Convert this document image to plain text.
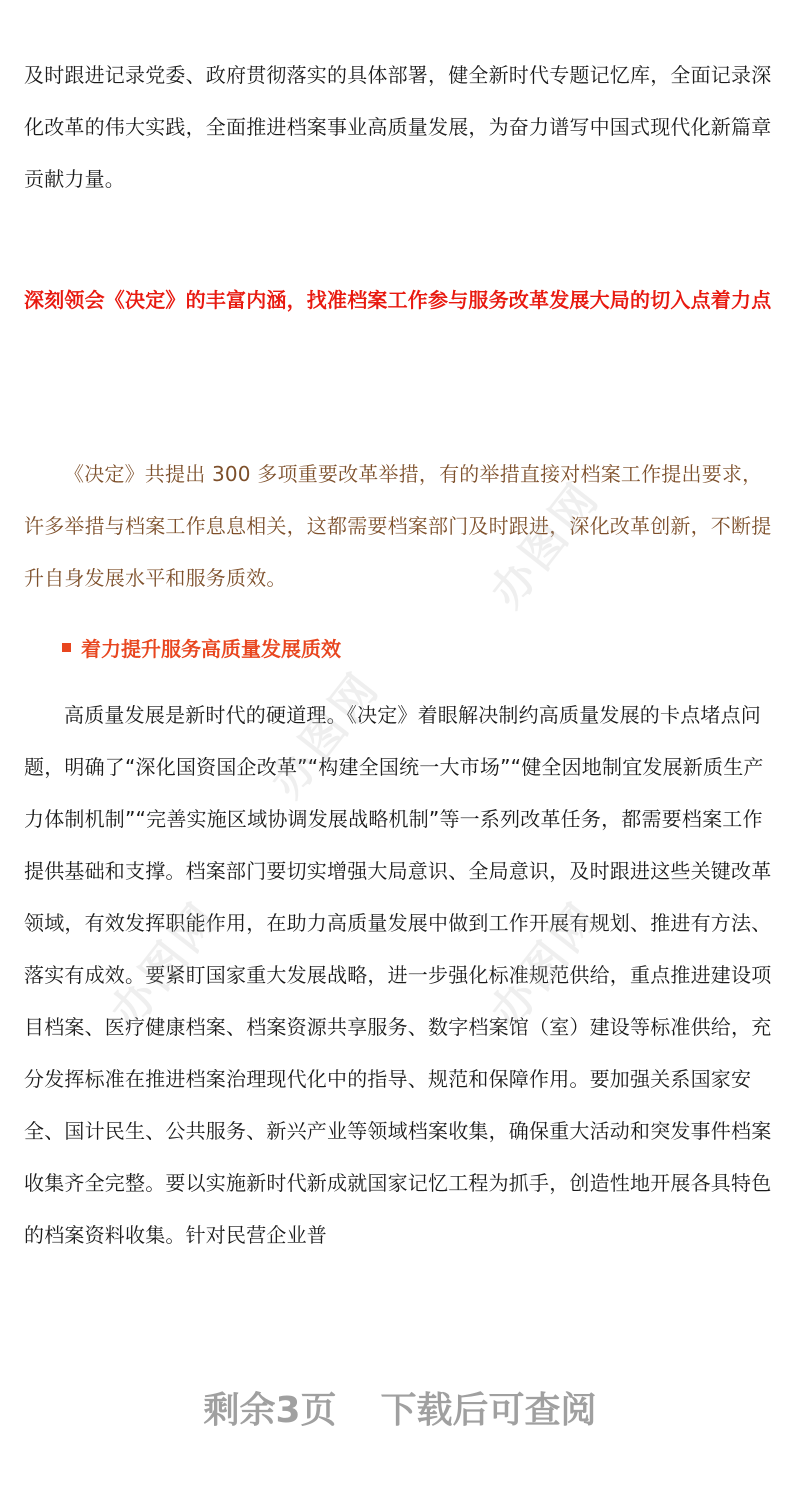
及时跟进记录党委、政府贯彻落实的具体部署，健全新时代专题记忆库，全面记录深化改革的伟大实践，全面推进档案事业高质量发展，为奋力谱写中国式现代化新篇章贡献力量。

深刻领会《决定》的丰富内涵，找准档案工作参与服务改革发展大局的切入点着力点

《决定》共提出 300 多项重要改革举措，有的举措直接对档案工作提出要求，许多举措与档案工作息息相关，这都需要档案部门及时跟进，深化改革创新，不断提升自身发展水平和服务质效。

着力提升服务高质量发展质效

高质量发展是新时代的硬道理。《决定》着眼解决制约高质量发展的卡点堵点问题，明确了“深化国资国企改革”“构建全国统一大市场”“健全因地制宜发展新质生产力体制机制”“完善实施区域协调发展战略机制”等一系列改革任务，都需要档案工作提供基础和支撑。档案部门要切实增强大局意识、全局意识，及时跟进这些关键改革领域，有效发挥职能作用，在助力高质量发展中做到工作开展有规划、推进有方法、落实有成效。要紧盯国家重大发展战略，进一步强化标准规范供给，重点推进建设项目档案、医疗健康档案、档案资源共享服务、数字档案馆（室）建设等标准供给，充分发挥标准在推进档案治理现代化中的指导、规范和保障作用。要加强关系国家安全、国计民生、公共服务、新兴产业等领域档案收集，确保重大活动和突发事件档案收集齐全完整。要以实施新时代新成就国家记忆工程为抓手，创造性地开展各具特色的档案资料收集。针对民营企业普

办图网
办图网
办图网
办图网
剩余3页 下载后可查阅
